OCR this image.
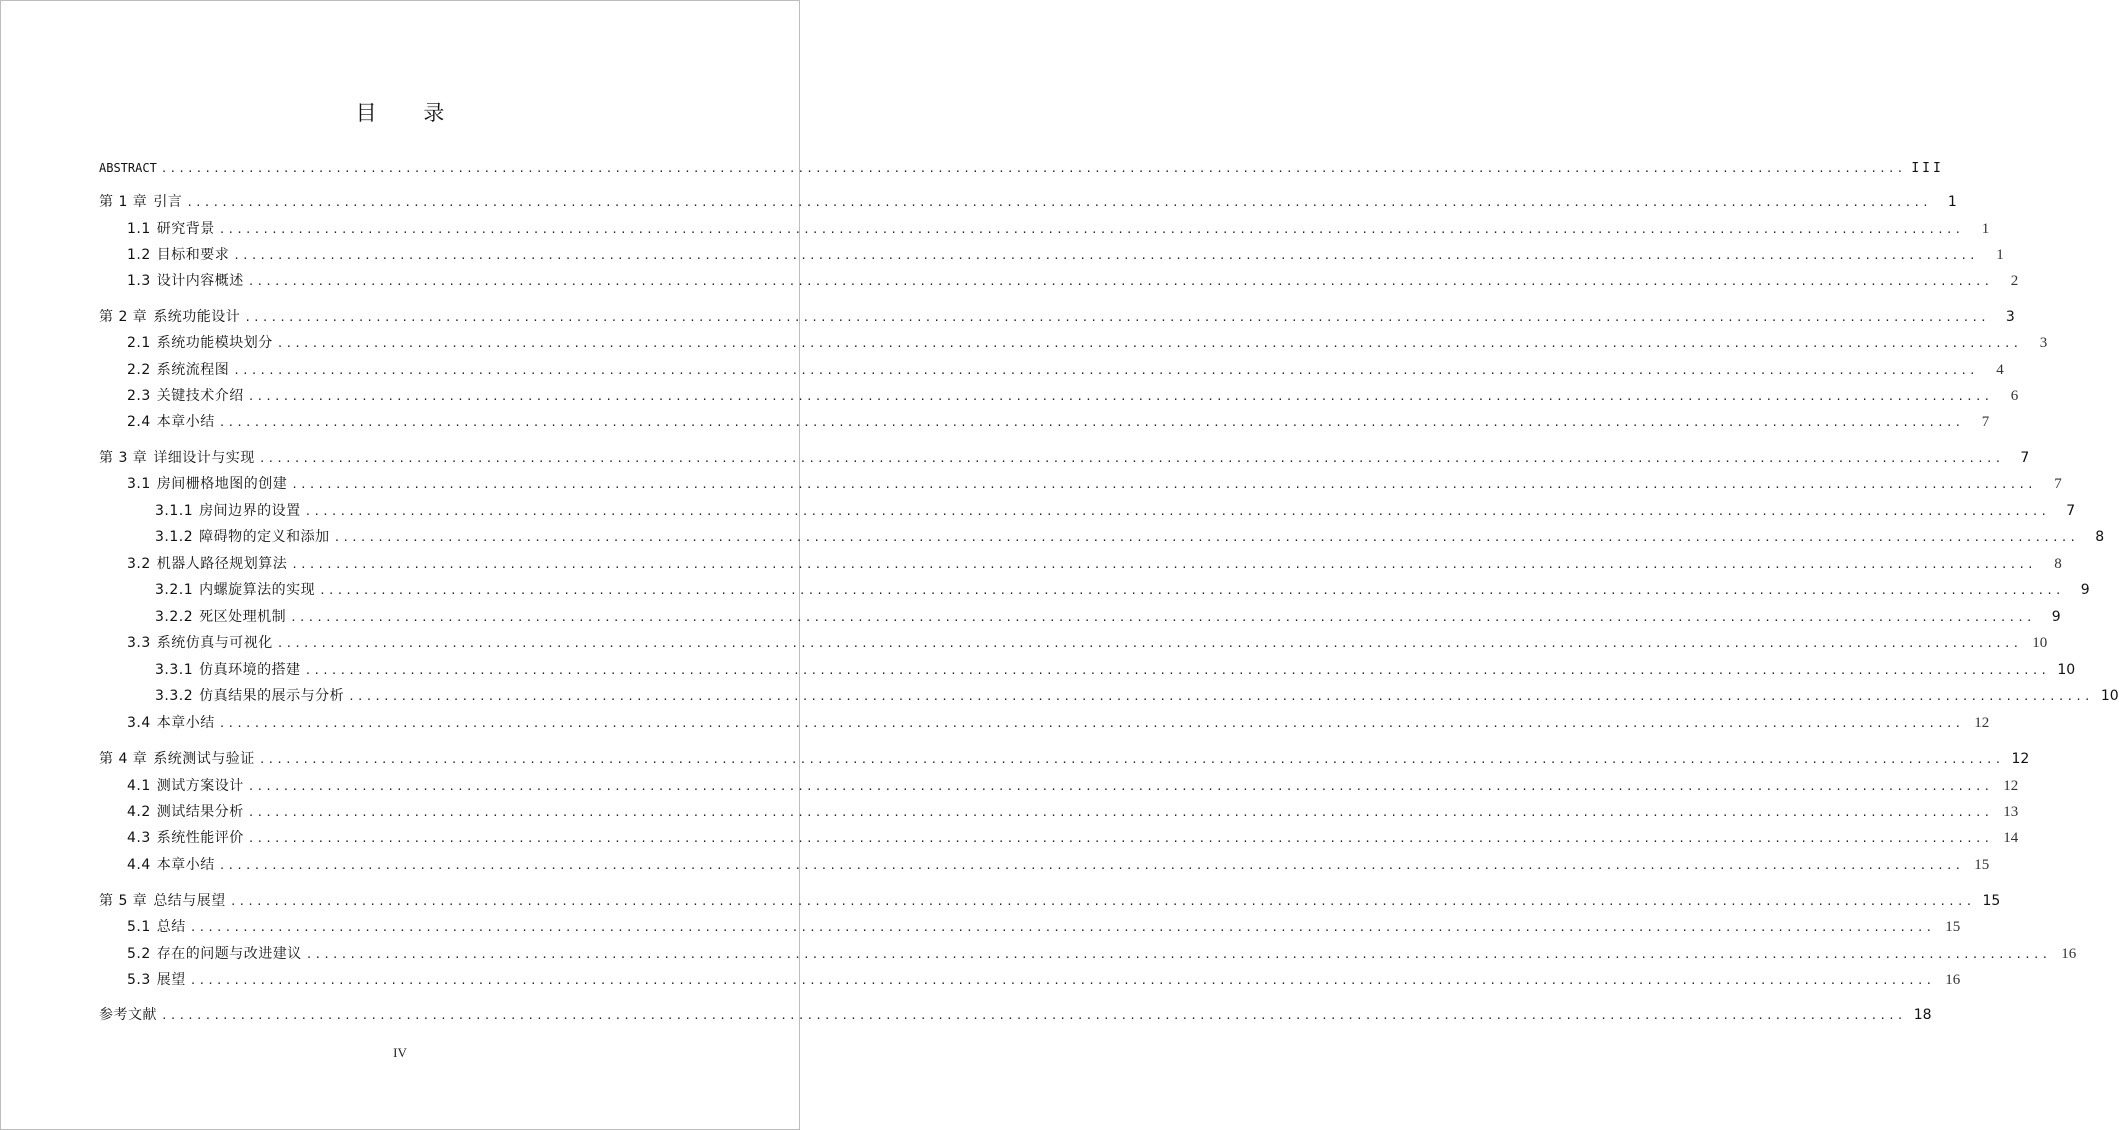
目 录
ABSTRACT ........................................................................................................................................................................................................ III
第 1 章 引言 ........................................................................................................................................................................................................	1
1.1 研究背景 ........................................................................................................................................................................................................	1
1.2 目标和要求 ........................................................................................................................................................................................................	1
1.3 设计内容概述 ........................................................................................................................................................................................................	2
第 2 章 系统功能设计 ........................................................................................................................................................................................................	3
2.1 系统功能模块划分 ........................................................................................................................................................................................................	3
2.2 系统流程图 ........................................................................................................................................................................................................	4
2.3 关键技术介绍 ........................................................................................................................................................................................................	6
2.4 本章小结 ........................................................................................................................................................................................................	7
第 3 章 详细设计与实现 ........................................................................................................................................................................................................	7
3.1 房间栅格地图的创建 ........................................................................................................................................................................................................	7
3.1.1 房间边界的设置 ........................................................................................................................................................................................................	7
3.1.2 障碍物的定义和添加 ........................................................................................................................................................................................................	8
3.2 机器人路径规划算法 ........................................................................................................................................................................................................	8
3.2.1 内螺旋算法的实现 ........................................................................................................................................................................................................	9
3.2.2 死区处理机制 ........................................................................................................................................................................................................	9
3.3 系统仿真与可视化 ........................................................................................................................................................................................................ 10
3.3.1 仿真环境的搭建 ........................................................................................................................................................................................................ 10
3.3.2 仿真结果的展示与分析 ........................................................................................................................................................................................................ 10
3.4 本章小结 ........................................................................................................................................................................................................ 12
第 4 章 系统测试与验证 ........................................................................................................................................................................................................ 12
4.1 测试方案设计 ........................................................................................................................................................................................................ 12
4.2 测试结果分析 ........................................................................................................................................................................................................ 13
4.3 系统性能评价 ........................................................................................................................................................................................................ 14
4.4 本章小结 ........................................................................................................................................................................................................ 15
第 5 章 总结与展望 ........................................................................................................................................................................................................ 15
5.1 总结 ........................................................................................................................................................................................................ 15
5.2 存在的问题与改进建议 ........................................................................................................................................................................................................ 16
5.3 展望 ........................................................................................................................................................................................................ 16
参考文献 ........................................................................................................................................................................................................ 18
IV
